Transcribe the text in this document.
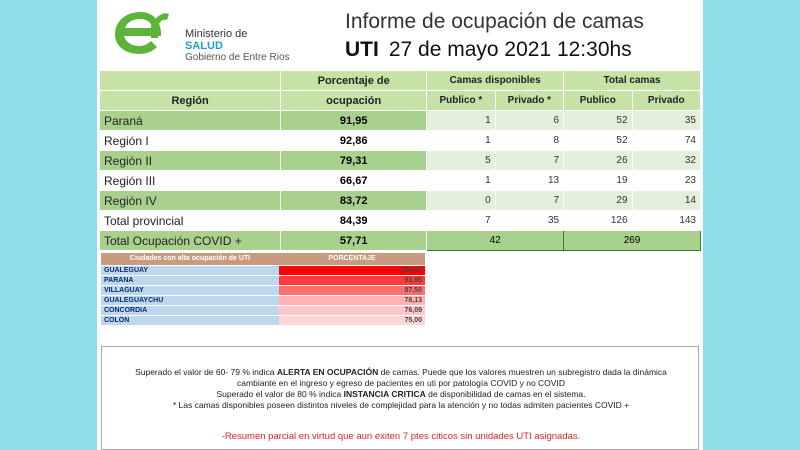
Ministerio de
SALUD
Gobierno de Entre Rios
Informe de ocupación de camas
UTI 27 de mayo 2021 12:30hs
	Porcentaje de	Camas disponibles		Total camas	
Región	ocupación	Publico *	Privado *	Publico	Privado
Paraná	91,95	1	6	52	35
Región I	92,86	1	8	52	74
Región II	79,31	5	7	26	32
Región III	66,67	1	13	19	23
Región IV	83,72	0	7	29	14
Total provincial	84,39	7	35	126	143
Total Ocupación COVID +	57,71	42		269	
Ciudades con alta ocupación de UTI	PORCENTAJE
GUALEGUAY	100,00
PARANA	91,95
VILLAGUAY	87,50
GUALEGUAYCHU	78,13
CONCORDIA	76,09
COLON	75,00
Superado el valor de 60- 79 % indica ALERTA EN OCUPACIÓN de camas. Puede que los valores muestren un subregistro dada la dinámica
cambiante en el ingreso y egreso de pacientes en uti por patología COVID y no COVID
Superado el valor de 80 % indica INSTANCIA CRITICA de disponibilidad de camas en el sistema.
* Las camas disponibles poseen distintos niveles de complejidad para la atención y no todas admiten pacientes COVID +
-Resumen parcial en virtud que aun exiten 7 ptes citicos sin unidades UTI asignadas.
